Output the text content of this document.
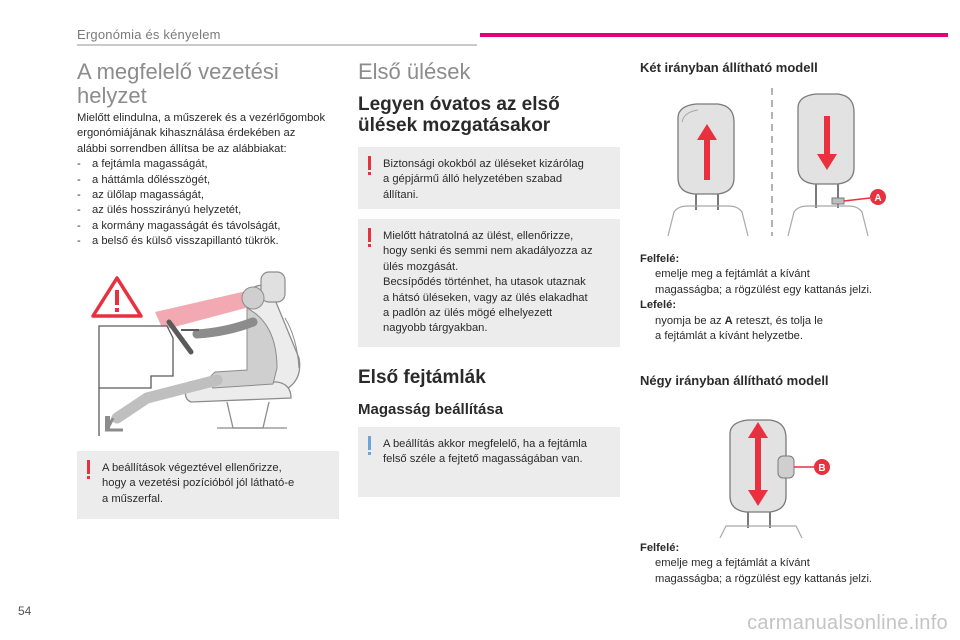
Ergonómia és kényelem
A megfelelő vezetési
helyzet
Mielőtt elindulna, a műszerek és a vezérlőgombok
ergonómiájának kihasználása érdekében az
alábbi sorrendben állítsa be az alábbiakat:
- a fejtámla magasságát,
- a háttámla dőlésszögét,
- az ülőlap magasságát,
- az ülés hosszirányú helyzetét,
- a kormány magasságát és távolságát,
- a belső és külső visszapillantó tükrök.
A beállítások végeztével ellenőrizze,
hogy a vezetési pozícióból jól látható-e
a műszerfal.
Első ülések
Legyen óvatos az első
ülések mozgatásakor
Biztonsági okokból az üléseket kizárólag
a gépjármű álló helyzetében szabad
állítani.
Mielőtt hátratolná az ülést, ellenőrizze,
hogy senki és semmi nem akadályozza az
ülés mozgását.
Becsípődés történhet, ha utasok utaznak
a hátsó üléseken, vagy az ülés elakadhat
a padlón az ülés mögé elhelyezett
nagyobb tárgyakban.
Első fejtámlák
Magasság beállítása
A beállítás akkor megfelelő, ha a fejtámla
felső széle a fejtető magasságában van.
Két irányban állítható modell
A
Felfelé:
emelje meg a fejtámlát a kívánt
magasságba; a rögzülést egy kattanás jelzi.
Lefelé:
nyomja be az A reteszt, és tolja le
a fejtámlát a kívánt helyzetbe.
Négy irányban állítható modell
B
Felfelé:
emelje meg a fejtámlát a kívánt
magasságba; a rögzülést egy kattanás jelzi.
54
carmanualsonline.info
